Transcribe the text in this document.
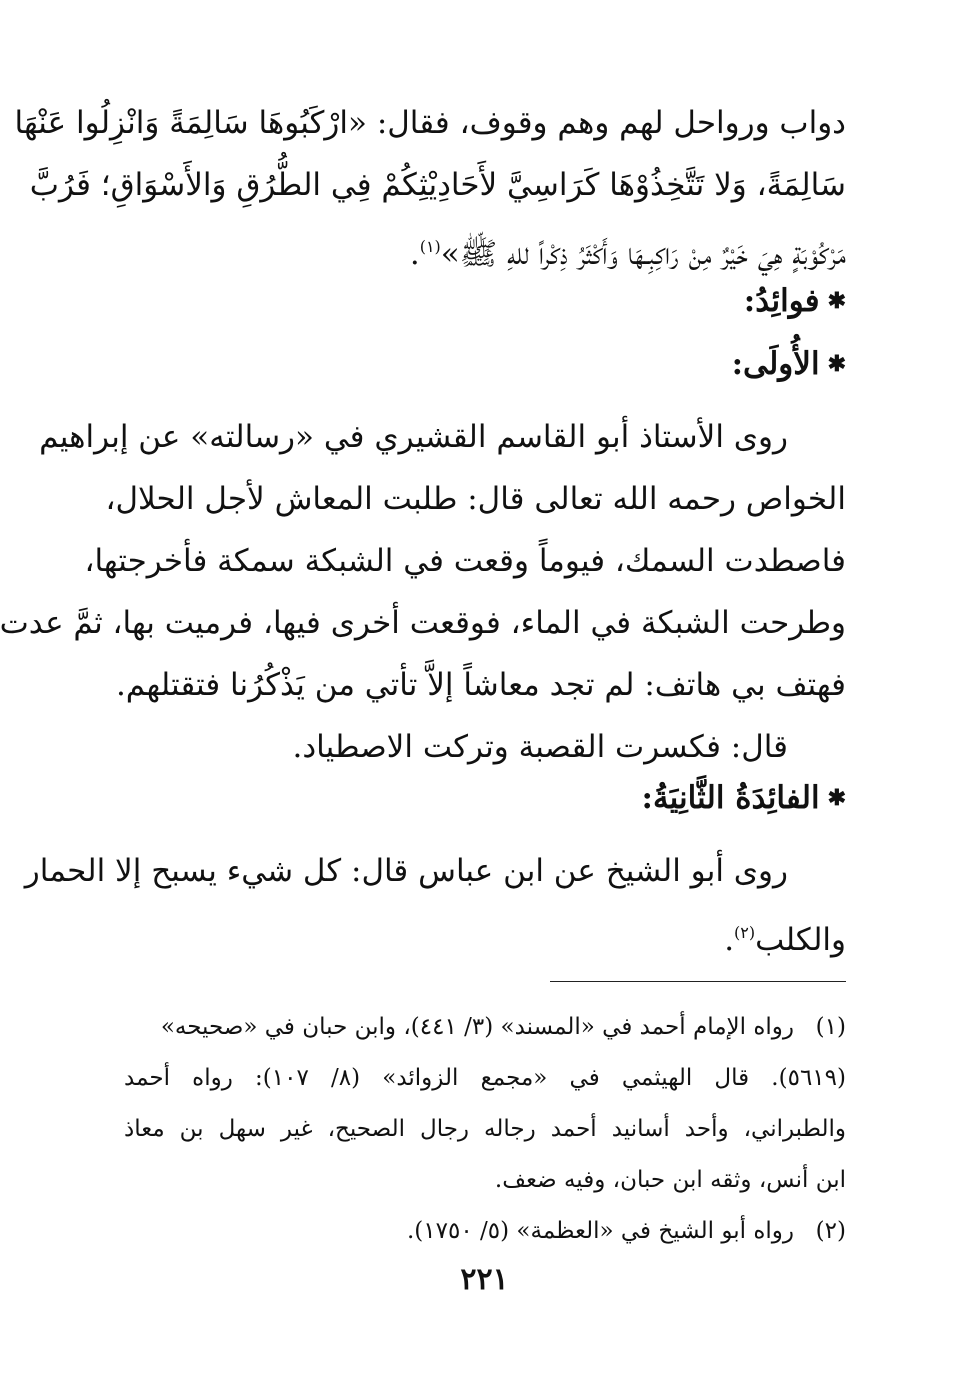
دواب ورواحل لهم وهم وقوف، فقال: «ارْكَبُوهَا سَالِمَةً وَانْزِلُوا عَنْهَا
سَالِمَةً، وَلا تَتَّخِذُوْهَا كَرَاسِيَّ لأَحَادِيْثِكُمْ فِي الطُّرُقِ وَالأَسْوَاقِ؛ فَرُبَّ
مَرْكُوْبَةٍ هِيَ خَيْرٌ مِنْ رَاكِبِـهَا وَأَكْثَرُ ذِكْراً للهِ ﷺ»$^{(١)}$.
✱فوائِدُ:
✱الأُولَى:
روى الأستاذ أبو القاسم القشيري في «رسالته» عن إبراهيم
الخواص رحمه الله تعالى قال: طلبت المعاش لأجل الحلال،
فاصطدت السمك، فيوماً وقعت في الشبكة سمكة فأخرجتها،
وطرحت الشبكة في الماء، فوقعت أخرى فيها، فرميت بها، ثمَّ عدت
فهتف بي هاتف: لم تجد معاشاً إلاَّ تأتي من يَذْكُرُنا فتقتلهم.
قال: فكسرت القصبة وتركت الاصطياد.
✱الفائِدَةُ الثَّانِيَةُ:
روى أبو الشيخ عن ابن عباس قال: كل شيء يسبح إلا الحمار
والكلب$^{(٢)}$.
(١)رواه الإمام أحمد في «المسند» (٣/ ٤٤١)، وابن حبان في «صحيحه»
(٥٦١٩). قال الهيثمي في «مجمع الزوائد» (٨/ ١٠٧): رواه أحمد
والطبراني، وأحد أسانيد أحمد رجاله رجال الصحيح، غير سهل بن معاذ
ابن أنس، وثقه ابن حبان، وفيه ضعف.
(٢)رواه أبو الشيخ في «العظمة» (٥/ ١٧٥٠).
٢٢١
